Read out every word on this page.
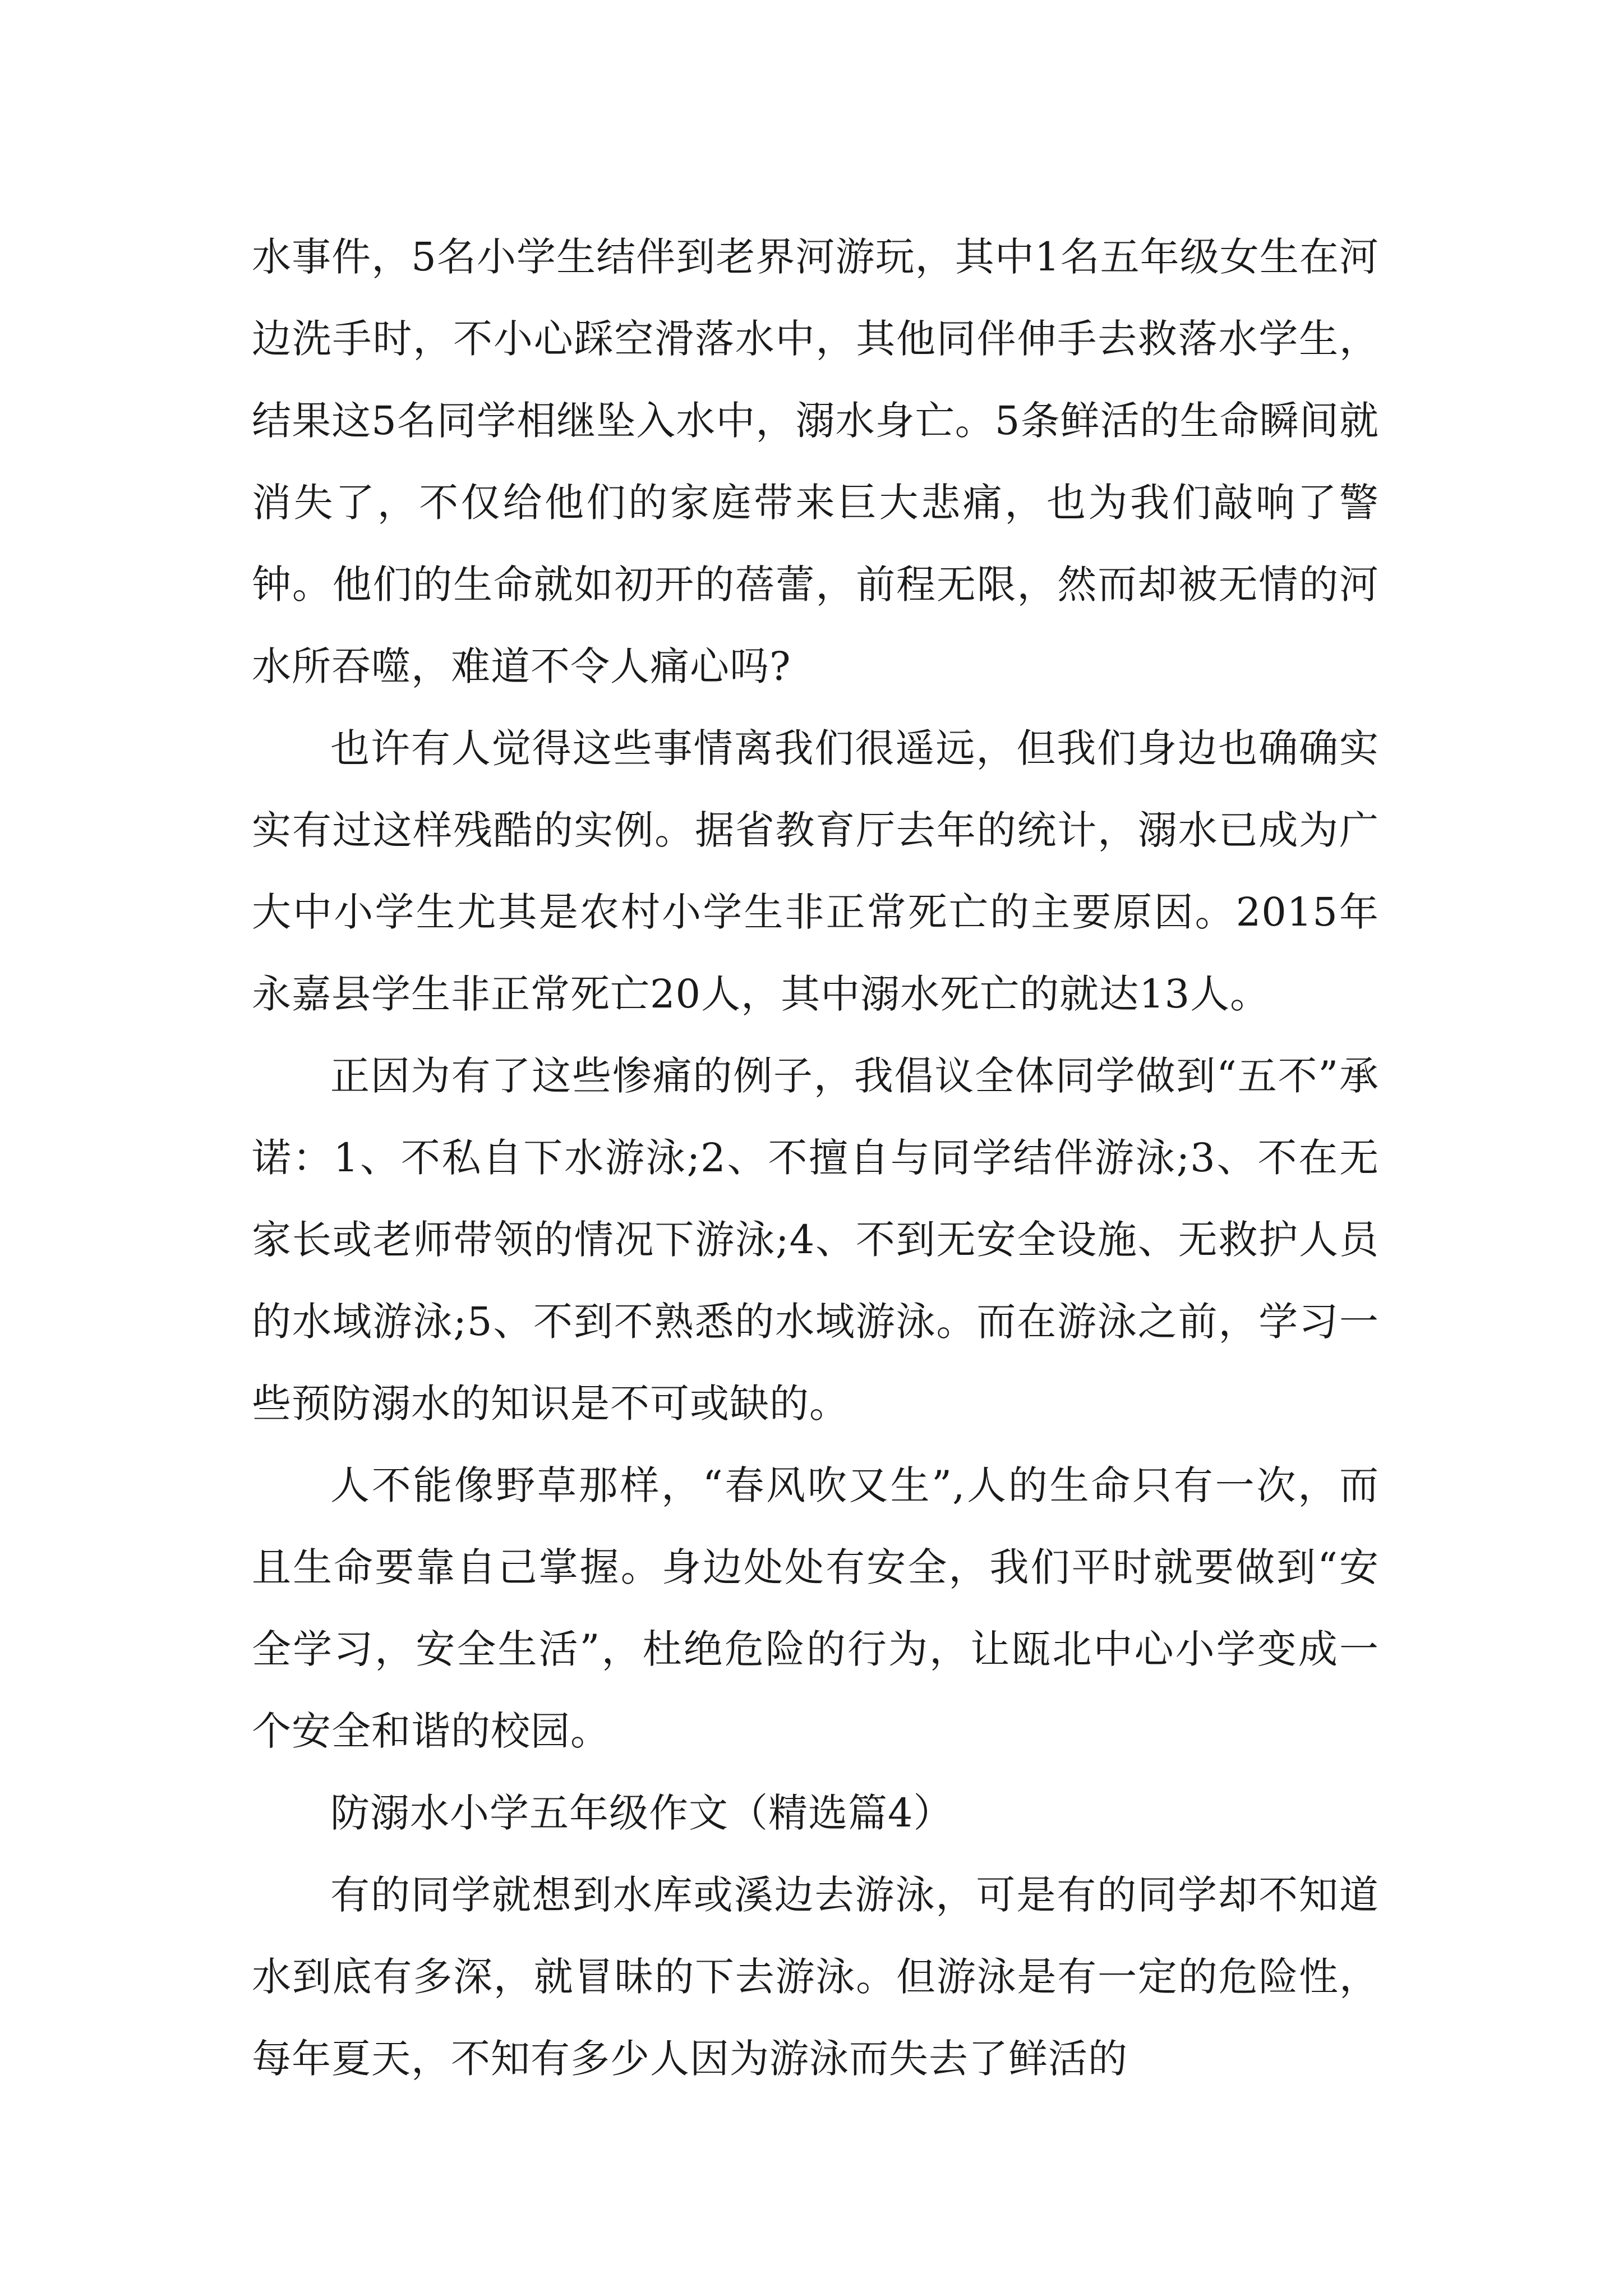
水事件，5名小学生结伴到老界河游玩，其中1名五年级女生在河边洗手时，不小心踩空滑落水中，其他同伴伸手去救落水学生，结果这5名同学相继坠入水中，溺水身亡。5条鲜活的生命瞬间就消失了，不仅给他们的家庭带来巨大悲痛，也为我们敲响了警钟。他们的生命就如初开的蓓蕾，前程无限，然而却被无情的河水所吞噬，难道不令人痛心吗?

也许有人觉得这些事情离我们很遥远，但我们身边也确确实实有过这样残酷的实例。据省教育厅去年的统计，溺水已成为广大中小学生尤其是农村小学生非正常死亡的主要原因。2015年永嘉县学生非正常死亡20人，其中溺水死亡的就达13人。

正因为有了这些惨痛的例子，我倡议全体同学做到“五不”承诺：1、不私自下水游泳;2、不擅自与同学结伴游泳;3、不在无家长或老师带领的情况下游泳;4、不到无安全设施、无救护人员的水域游泳;5、不到不熟悉的水域游泳。而在游泳之前，学习一些预防溺水的知识是不可或缺的。

人不能像野草那样，“春风吹又生”,人的生命只有一次，而且生命要靠自己掌握。身边处处有安全，我们平时就要做到“安全学习，安全生活”，杜绝危险的行为，让瓯北中心小学变成一个安全和谐的校园。

防溺水小学五年级作文（精选篇4）

有的同学就想到水库或溪边去游泳，可是有的同学却不知道水到底有多深，就冒昧的下去游泳。但游泳是有一定的危险性，每年夏天，不知有多少人因为游泳而失去了鲜活的
